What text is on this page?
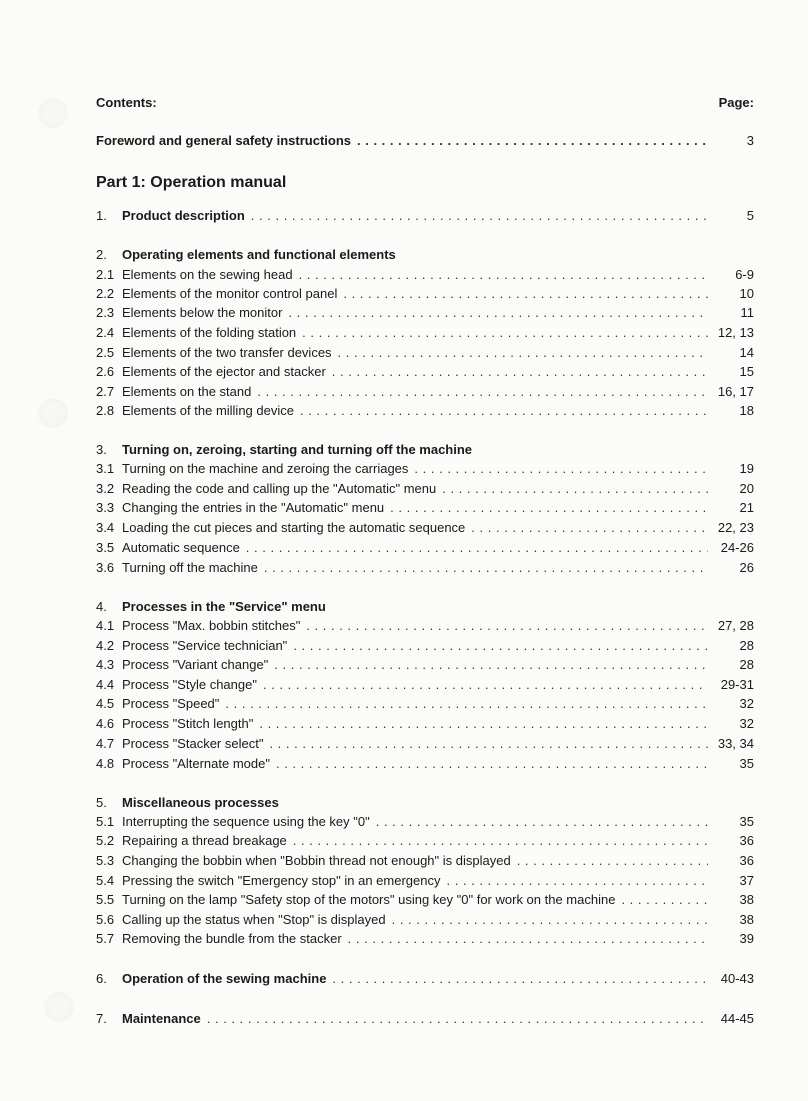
Contents:	Page:
Foreword and general safety instructions . . .	3
Part 1: Operation manual
1.	Product description . . .	5
2.	Operating elements and functional elements
2.1 Elements on the sewing head . . .	6-9
2.2 Elements of the monitor control panel . . .	10
2.3 Elements below the monitor . . .	11
2.4 Elements of the folding station . . .	12, 13
2.5 Elements of the two transfer devices . . .	14
2.6 Elements of the ejector and stacker . . .	15
2.7 Elements on the stand . . .	16, 17
2.8 Elements of the milling device . . .	18
3.	Turning on, zeroing, starting and turning off the machine
3.1 Turning on the machine and zeroing the carriages . . .	19
3.2 Reading the code and calling up the "Automatic" menu . . .	20
3.3 Changing the entries in the "Automatic" menu . . .	21
3.4 Loading the cut pieces and starting the automatic sequence . . .	22, 23
3.5 Automatic sequence . . .	24-26
3.6 Turning off the machine . . .	26
4.	Processes in the "Service" menu
4.1 Process "Max. bobbin stitches" . . .	27, 28
4.2 Process "Service technician" . . .	28
4.3 Process "Variant change" . . .	28
4.4 Process "Style change" . . .	29-31
4.5 Process "Speed" . . .	32
4.6 Process "Stitch length" . . .	32
4.7 Process "Stacker select" . . .	33, 34
4.8 Process "Alternate mode" . . .	35
5.	Miscellaneous processes
5.1 Interrupting the sequence using the key "0" . . .	35
5.2 Repairing a thread breakage . . .	36
5.3 Changing the bobbin when "Bobbin thread not enough" is displayed . . .	36
5.4 Pressing the switch "Emergency stop" in an emergency . . .	37
5.5 Turning on the lamp "Safety stop of the motors" using key "0" for work on the machine . . .	38
5.6 Calling up the status when "Stop" is displayed . . .	38
5.7 Removing the bundle from the stacker . . .	39
6.	Operation of the sewing machine . . .	40-43
7.	Maintenance . . .	44-45
